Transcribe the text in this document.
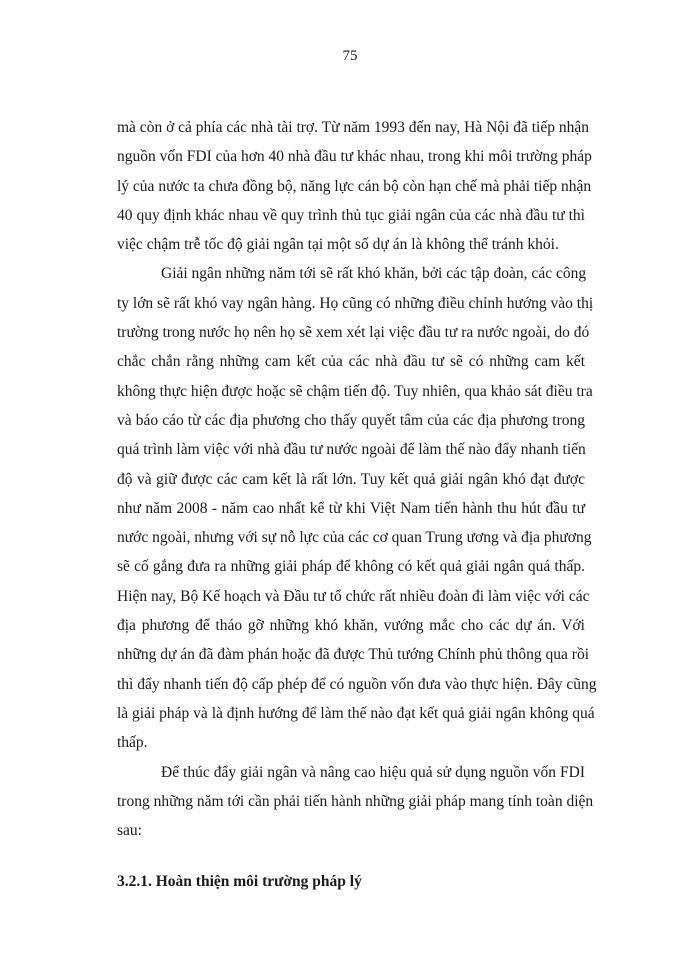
75
mà còn ở cả phía các nhà tài trợ. Từ năm 1993 đến nay, Hà Nội đã tiếp nhận
nguồn vốn FDI của hơn 40 nhà đầu tư khác nhau, trong khi môi trường pháp
lý của nước ta chưa đồng bộ, năng lực cán bộ còn hạn chế mà phải tiếp nhận
40 quy định khác nhau về quy trình thủ tục giải ngân của các nhà đầu tư thì
việc chậm trễ tốc độ giải ngân tại một số dự án là không thể tránh khỏi.
Giải ngân những năm tới sẽ rất khó khăn, bởi các tập đoàn, các công
ty lớn sẽ rất khó vay ngân hàng. Họ cũng có những điều chỉnh hướng vào thị
trường trong nước họ nên họ sẽ xem xét lại việc đầu tư ra nước ngoài, do đó
chắc chắn rằng những cam kết của các nhà đầu tư sẽ có những cam kết
không thực hiện được hoặc sẽ chậm tiến độ. Tuy nhiên, qua khảo sát điều tra
và báo cáo từ các địa phương cho thấy quyết tâm của các địa phương trong
quá trình làm việc với nhà đầu tư nước ngoài để làm thế nào đẩy nhanh tiến
độ và giữ được các cam kết là rất lớn. Tuy kết quả giải ngân khó đạt được
như năm 2008 - năm cao nhất kể từ khi Việt Nam tiến hành thu hút đầu tư
nước ngoài, nhưng với sự nỗ lực của các cơ quan Trung ương và địa phương
sẽ cố gắng đưa ra những giải pháp để không có kết quả giải ngân quá thấp.
Hiện nay, Bộ Kế hoạch và Đầu tư tổ chức rất nhiều đoàn đi làm việc với các
địa phương để tháo gỡ những khó khăn, vướng mắc cho các dự án. Với
những dự án đã đàm phán hoặc đã được Thủ tướng Chính phủ thông qua rồi
thì đẩy nhanh tiến độ cấp phép để có nguồn vốn đưa vào thực hiện. Đây cũng
là giải pháp và là định hướng để làm thế nào đạt kết quả giải ngân không quá
thấp.
Để thúc đẩy giải ngân và nâng cao hiệu quả sử dụng nguồn vốn FDI
trong những năm tới cần phải tiến hành những giải pháp mang tính toàn diện
sau:
3.2.1. Hoàn thiện môi trường pháp lý
